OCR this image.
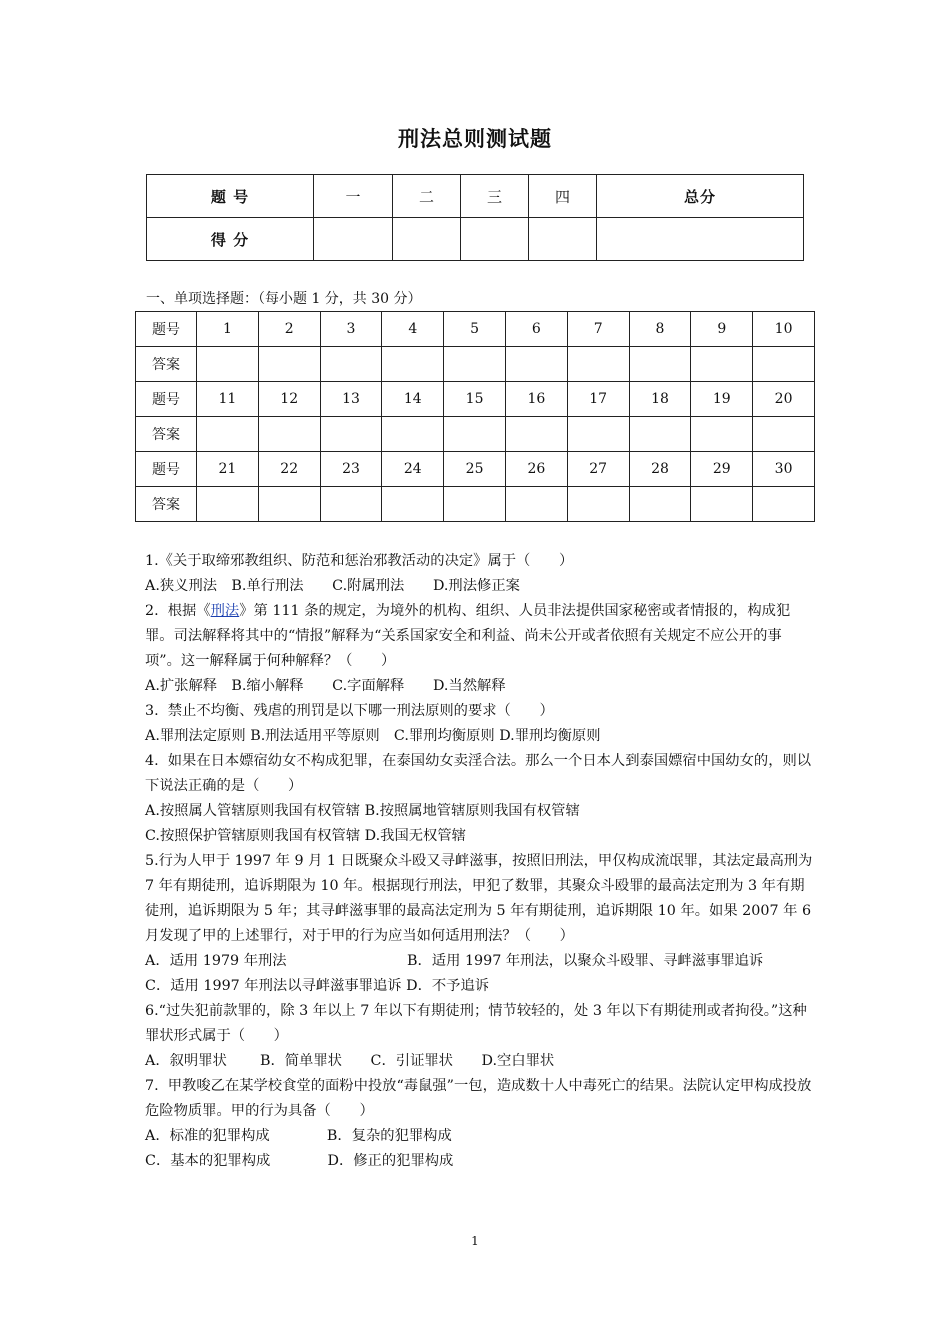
刑法总则测试题
题 号	一	二	三	四	总分
得 分					
一、单项选择题：（每小题 1 分，共 30 分）
题号	1	2	3	4	5	6	7	8	9	10
答案										
题号	11	12	13	14	15	16	17	18	19	20
答案										
题号	21	22	23	24	25	26	27	28	29	30
答案										

1.《关于取缔邪教组织、防范和惩治邪教活动的决定》属于（　　）

A.狭义刑法　B.单行刑法　　C.附属刑法　　D.刑法修正案

2.  根据《刑法》第 111 条的规定，为境外的机构、组织、人员非法提供国家秘密或者情报的，构成犯罪。司法解释将其中的“情报”解释为“关系国家安全和利益、尚未公开或者依照有关规定不应公开的事项”。这一解释属于何种解释？（　　）

A.扩张解释　B.缩小解释　　C.字面解释　　D.当然解释

3.  禁止不均衡、残虐的刑罚是以下哪一刑法原则的要求（　　）

A.罪刑法定原则 B.刑法适用平等原则　C.罪刑均衡原则 D.罪刑均衡原则

4.  如果在日本嫖宿幼女不构成犯罪，在泰国幼女卖淫合法。那么一个日本人到泰国嫖宿中国幼女的，则以下说法正确的是（　　）

A.按照属人管辖原则我国有权管辖 B.按照属地管辖原则我国有权管辖

C.按照保护管辖原则我国有权管辖 D.我国无权管辖

5.行为人甲于 1997 年 9 月 1 日既聚众斗殴又寻衅滋事，按照旧刑法，甲仅构成流氓罪，其法定最高刑为 7 年有期徒刑，追诉期限为 10 年。根据现行刑法，甲犯了数罪，其聚众斗殴罪的最高法定刑为 3 年有期徒刑，追诉期限为 5 年；其寻衅滋事罪的最高法定刑为 5 年有期徒刑，追诉期限 10 年。如果 2007 年 6 月发现了甲的上述罪行，对于甲的行为应当如何适用刑法？（　　）

A．适用 1979 年刑法	B．适用 1997 年刑法，以聚众斗殴罪、寻衅滋事罪追诉

C．适用 1997 年刑法以寻衅滋事罪追诉 D．不予追诉

6.“过失犯前款罪的，除 3 年以上 7 年以下有期徒刑；情节较轻的，处 3 年以下有期徒刑或者拘役。”这种罪状形式属于（　　）

A．叙明罪状　　 B．简单罪状　　C．引证罪状　　D.空白罪状

7.  甲教唆乙在某学校食堂的面粉中投放“毒鼠强”一包，造成数十人中毒死亡的结果。法院认定甲构成投放危险物质罪。甲的行为具备（　　）

A．标准的犯罪构成　　　　B．复杂的犯罪构成

C．基本的犯罪构成　　　　D．修正的犯罪构成

1
